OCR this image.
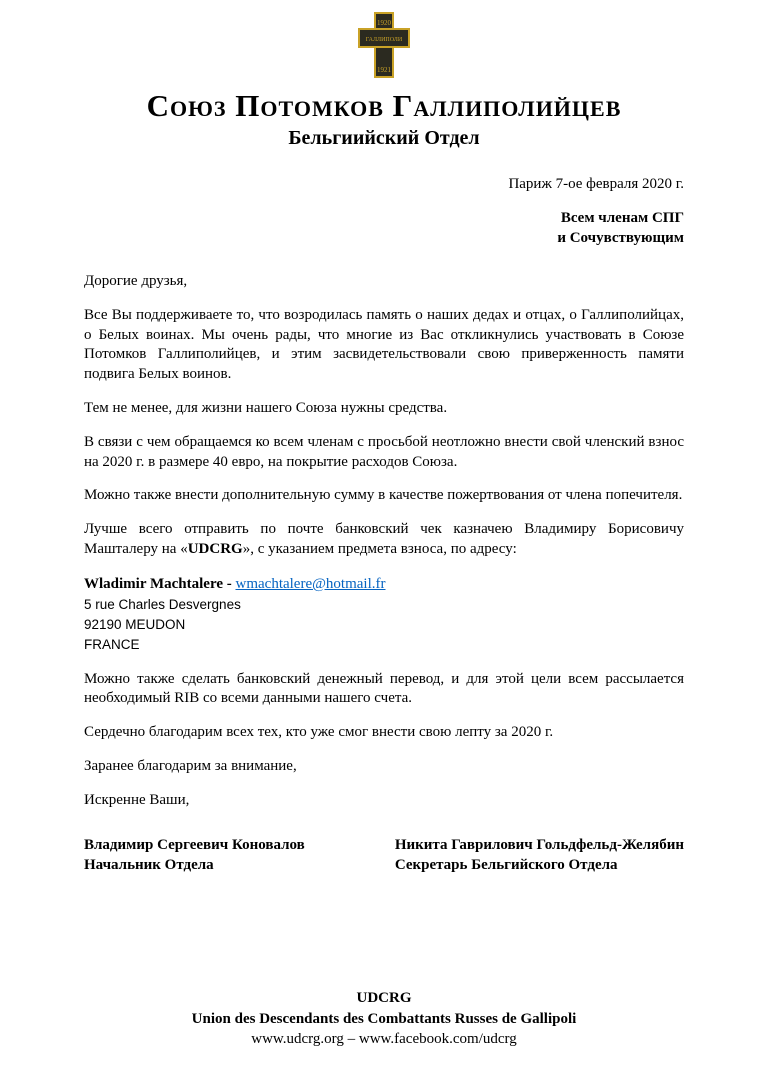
1920
ГАЛЛИПОЛИ
1921
Союз Потомков Галлиполийцев
Бельгиийский Отдел
Париж 7-ое февраля 2020 г.
Всем членам СПГ
и Сочувствующим

Дорогие друзья,

Все Вы поддерживаете то, что возродилась память о наших дедах и отцах, о Галлиполийцах, о Белых воинах. Мы очень рады, что многие из Вас откликнулись участвовать в Союзе Потомков Галлиполийцев, и этим засвидетельствовали свою приверженность памяти подвига Белых воинов.

Тем не менее, для жизни нашего Союза нужны средства.

В связи с чем обращаемся ко всем членам с просьбой неотложно внести свой членский взнос на 2020 г. в размере 40 евро, на покрытие расходов Союза.

Можно также внести дополнительную сумму в качестве пожертвования от члена попечителя.

Лучше всего отправить по почте банковский чек казначею Владимиру Борисовичу Машталеру на «UDCRG», с указанием предмета взноса, по адресу:

Wladimir Machtalere - wmachtalere@hotmail.fr
5 rue Charles Desvergnes
92190 MEUDON
FRANCE

Можно также сделать банковский денежный перевод, и для этой цели всем рассылается необходимый RIB со всеми данными нашего счета.

Сердечно благодарим всех тех, кто уже смог внести свою лепту за 2020 г.

Заранее благодарим за внимание,

Искренне Ваши,

Владимир Сергеевич Коновалов
Начальник Отдела
Никита Гаврилович Гольдфельд-Желябин
Секретарь Бельгийского Отдела
UDCRG
Union des Descendants des Combattants Russes de Gallipoli
www.udcrg.org – www.facebook.com/udcrg
